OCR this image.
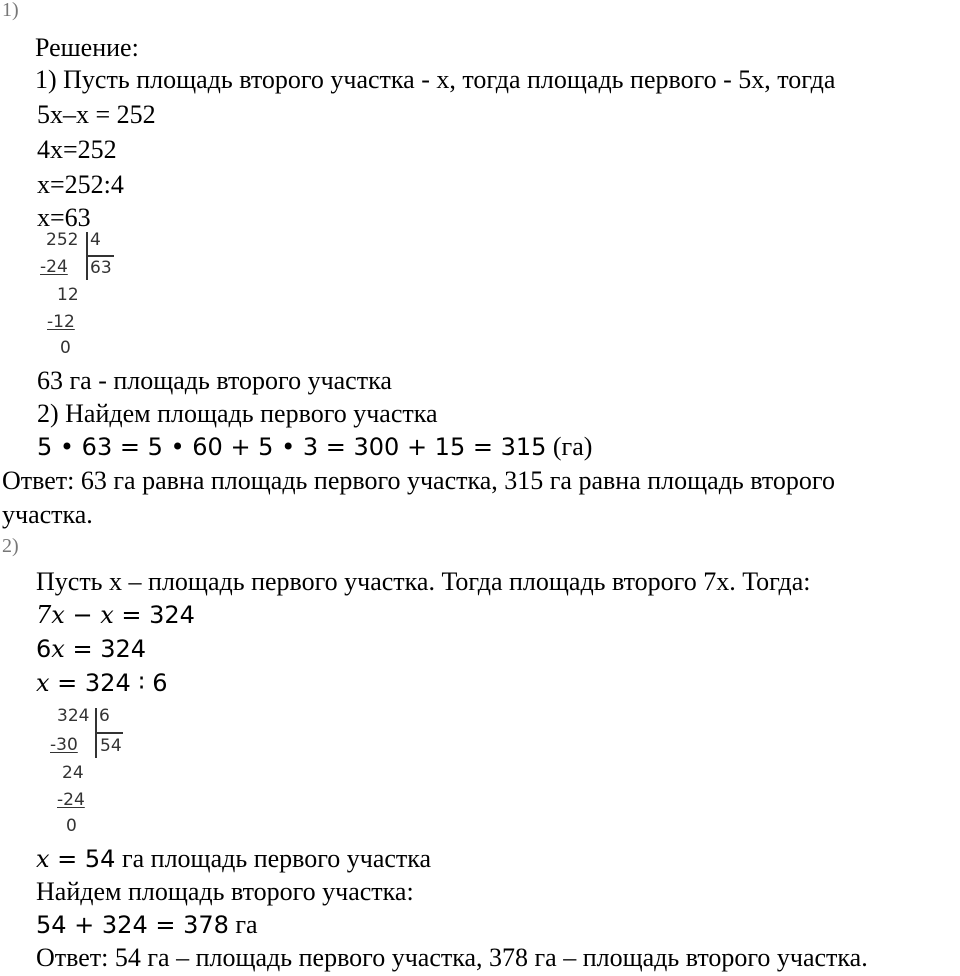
1)
Решение:
1) Пусть площадь второго участка - х, тогда площадь первого - 5х, тогда
5х–х = 252
4х=252
х=252:4
х=63
252 4
-24 63
12
-12
0
63 га - площадь второго участка
2) Найдем площадь первого участка
5 • 63 = 5 • 60 + 5 • 3 = 300 + 15 = 315 (га)
Ответ: 63 га равна площадь первого участка, 315 га равна площадь второго
участка.
2)
Пусть х – площадь первого участка. Тогда площадь второго 7х. Тогда:
7x − x = 324
6x = 324
x = 324 ∶ 6
324 6
-30 54
24
-24
0
x = 54 га площадь первого участка
Найдем площадь второго участка:
54 + 324 = 378 га
Ответ: 54 га – площадь первого участка, 378 га – площадь второго участка.
